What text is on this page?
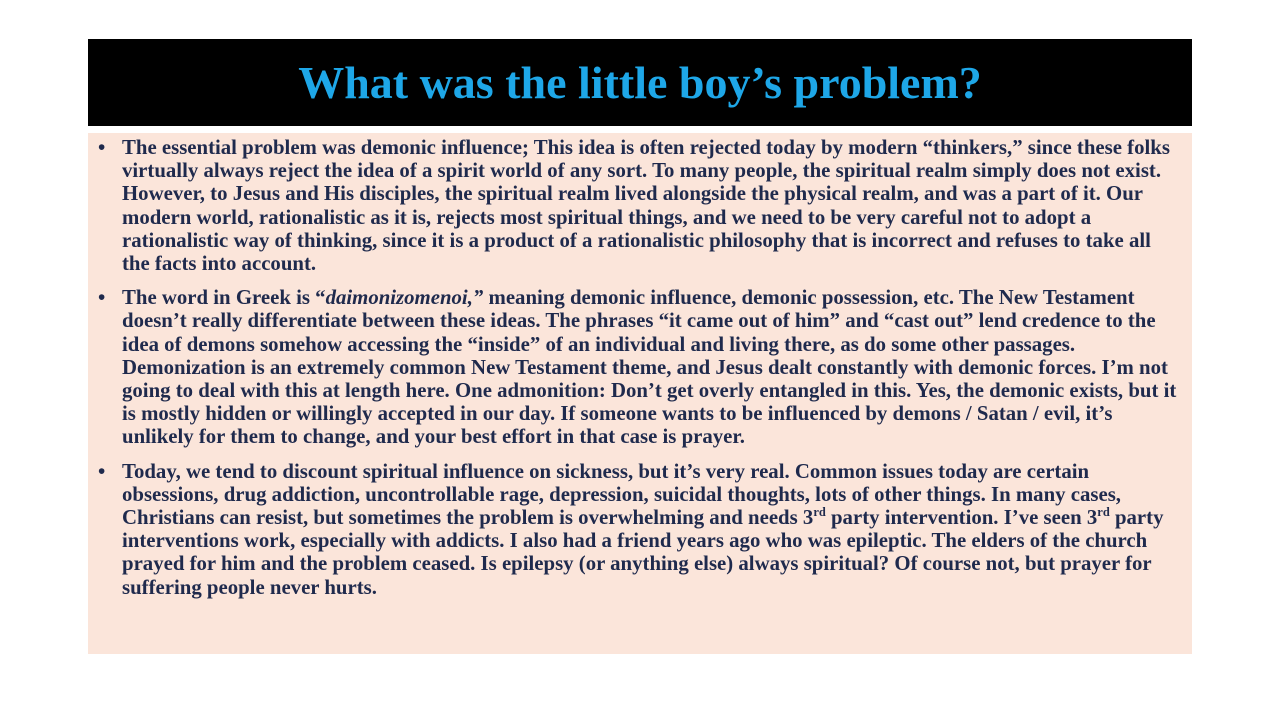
What was the little boy’s problem?
• The essential problem was demonic influence; This idea is often rejected today by modern “thinkers,” since these folks virtually always reject the idea of a spirit world of any sort. To many people, the spiritual realm simply does not exist. However, to Jesus and His disciples, the spiritual realm lived alongside the physical realm, and was a part of it. Our modern world, rationalistic as it is, rejects most spiritual things, and we need to be very careful not to adopt a rationalistic way of thinking, since it is a product of a rationalistic philosophy that is incorrect and refuses to take all the facts into account.
• The word in Greek is “daimonizomenoi,” meaning demonic influence, demonic possession, etc. The New Testament doesn’t really differentiate between these ideas. The phrases “it came out of him” and “cast out” lend credence to the idea of demons somehow accessing the “inside” of an individual and living there, as do some other passages. Demonization is an extremely common New Testament theme, and Jesus dealt constantly with demonic forces. I’m not going to deal with this at length here. One admonition: Don’t get overly entangled in this. Yes, the demonic exists, but it is mostly hidden or willingly accepted in our day. If someone wants to be influenced by demons / Satan / evil, it’s unlikely for them to change, and your best effort in that case is prayer.
• Today, we tend to discount spiritual influence on sickness, but it’s very real. Common issues today are certain obsessions, drug addiction, uncontrollable rage, depression, suicidal thoughts, lots of other things. In many cases, Christians can resist, but sometimes the problem is overwhelming and needs 3rd party intervention. I’ve seen 3rd party interventions work, especially with addicts. I also had a friend years ago who was epileptic. The elders of the church prayed for him and the problem ceased. Is epilepsy (or anything else) always spiritual? Of course not, but prayer for suffering people never hurts.
